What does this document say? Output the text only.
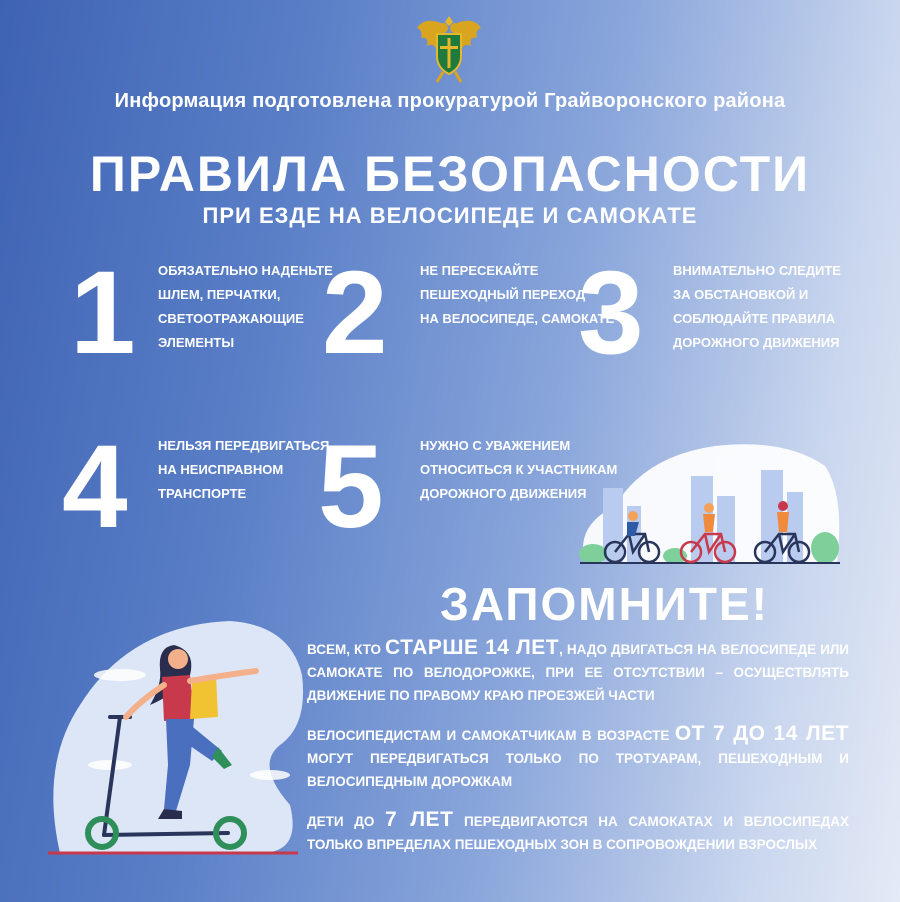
Информация подготовлена прокуратурой Грайворонского района
ПРАВИЛА БЕЗОПАСНОСТИ
ПРИ ЕЗДЕ НА ВЕЛОСИПЕДЕ И САМОКАТЕ
1 ОБЯЗАТЕЛЬНО НАДЕНЬТЕ
ШЛЕМ, ПЕРЧАТКИ,
СВЕТООТРАЖАЮЩИЕ
ЭЛЕМЕНТЫ 2 НЕ ПЕРЕСЕКАЙТЕ
ПЕШЕХОДНЫЙ ПЕРЕХОД
НА ВЕЛОСИПЕДЕ, САМОКАТЕ
3 ВНИМАТЕЛЬНО СЛЕДИТЕ
ЗА ОБСТАНОВКОЙ И
СОБЛЮДАЙТЕ ПРАВИЛА
ДОРОЖНОГО ДВИЖЕНИЯ
4 НЕЛЬЗЯ ПЕРЕДВИГАТЬСЯ
НА НЕИСПРАВНОМ
ТРАНСПОРТЕ 5	НУЖНО С УВАЖЕНИЕМ
ОТНОСИТЬСЯ К УЧАСТНИКАМ
ДОРОЖНОГО ДВИЖЕНИЯ
ЗАПОМНИТЕ!
ВСЕМ, КТО СТАРШЕ 14 ЛЕТ, НАДО ДВИГАТЬСЯ НА ВЕЛОСИПЕДЕ ИЛИ САМОКАТЕ ПО ВЕЛОДОРОЖКЕ, ПРИ ЕЕ ОТСУТСТВИИ – ОСУЩЕСТВЛЯТЬ ДВИЖЕНИЕ ПО ПРАВОМУ КРАЮ ПРОЕЗЖЕЙ ЧАСТИ
ВЕЛОСИПЕДИСТАМ И САМОКАТЧИКАМ В ВОЗРАСТЕ ОТ 7 ДО 14 ЛЕТ МОГУТ ПЕРЕДВИГАТЬСЯ ТОЛЬКО ПО ТРОТУАРАМ, ПЕШЕХОДНЫМ И ВЕЛОСИПЕДНЫМ ДОРОЖКАМ
ДЕТИ ДО 7 ЛЕТ ПЕРЕДВИГАЮТСЯ НА САМОКАТАХ И ВЕЛОСИПЕДАХ ТОЛЬКО ВПРЕДЕЛАХ ПЕШЕХОДНЫХ ЗОН В СОПРОВОЖДЕНИИ ВЗРОСЛЫХ
